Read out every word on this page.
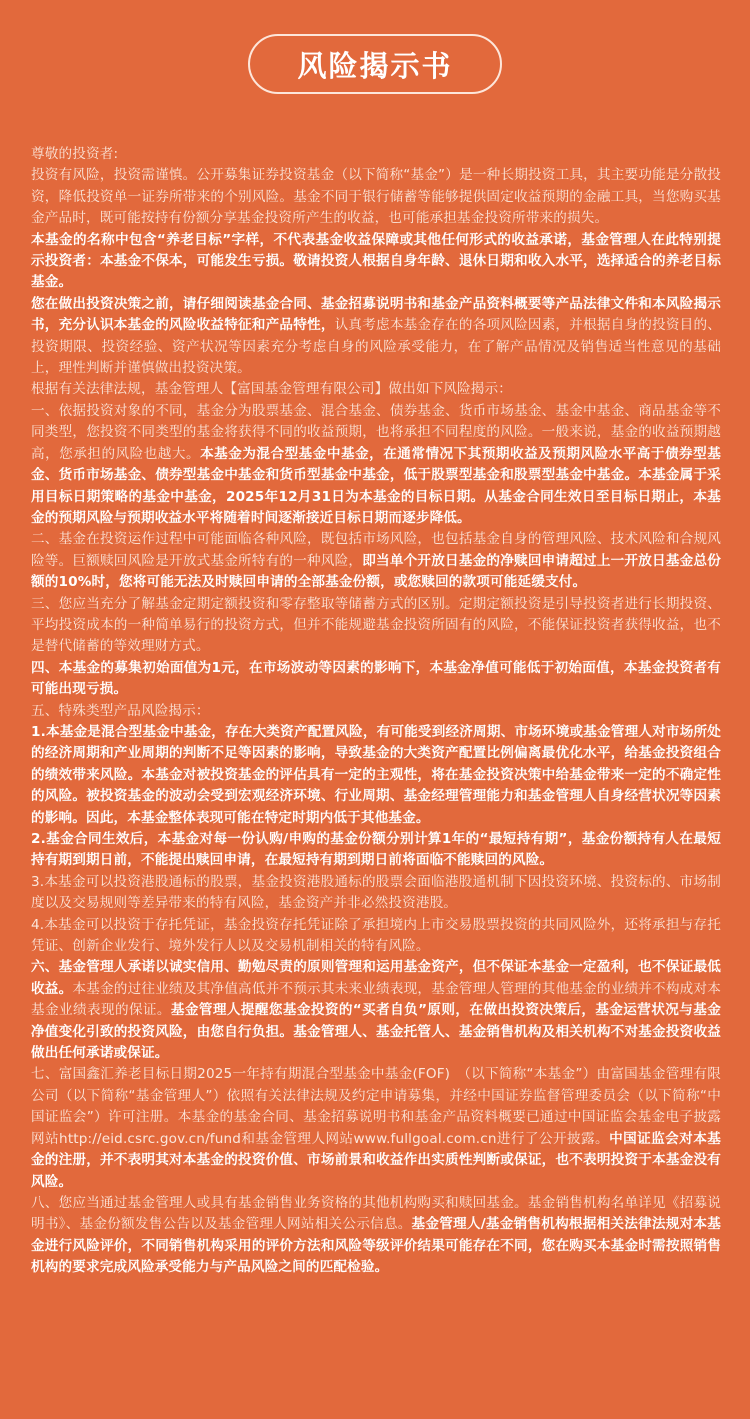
风险揭示书

尊敬的投资者:

投资有风险，投资需谨慎。公开募集证券投资基金（以下简称“基金”）是一种长期投资工具，其主要功能是分散投资，降低投资单一证券所带来的个别风险。基金不同于银行储蓄等能够提供固定收益预期的金融工具，当您购买基金产品时，既可能按持有份额分享基金投资所产生的收益，也可能承担基金投资所带来的损失。

本基金的名称中包含“养老目标”字样，不代表基金收益保障或其他任何形式的收益承诺，基金管理人在此特别提示投资者：本基金不保本，可能发生亏损。敬请投资人根据自身年龄、退休日期和收入水平，选择适合的养老目标基金。

您在做出投资决策之前，请仔细阅读基金合同、基金招募说明书和基金产品资料概要等产品法律文件和本风险揭示书，充分认识本基金的风险收益特征和产品特性，认真考虑本基金存在的各项风险因素，并根据自身的投资目的、投资期限、投资经验、资产状况等因素充分考虑自身的风险承受能力，在了解产品情况及销售适当性意见的基础上，理性判断并谨慎做出投资决策。

根据有关法律法规，基金管理人【富国基金管理有限公司】做出如下风险揭示：

一、依据投资对象的不同，基金分为股票基金、混合基金、债券基金、货币市场基金、基金中基金、商品基金等不同类型，您投资不同类型的基金将获得不同的收益预期，也将承担不同程度的风险。一般来说，基金的收益预期越高，您承担的风险也越大。本基金为混合型基金中基金，在通常情况下其预期收益及预期风险水平高于债券型基金、货币市场基金、债券型基金中基金和货币型基金中基金，低于股票型基金和股票型基金中基金。本基金属于采用目标日期策略的基金中基金，2025年12月31日为本基金的目标日期。从基金合同生效日至目标日期止，本基金的预期风险与预期收益水平将随着时间逐渐接近目标日期而逐步降低。

二、基金在投资运作过程中可能面临各种风险，既包括市场风险，也包括基金自身的管理风险、技术风险和合规风险等。巨额赎回风险是开放式基金所特有的一种风险，即当单个开放日基金的净赎回申请超过上一开放日基金总份额的10%时，您将可能无法及时赎回申请的全部基金份额，或您赎回的款项可能延缓支付。

三、您应当充分了解基金定期定额投资和零存整取等储蓄方式的区别。定期定额投资是引导投资者进行长期投资、平均投资成本的一种简单易行的投资方式，但并不能规避基金投资所固有的风险，不能保证投资者获得收益，也不是替代储蓄的等效理财方式。

四、本基金的募集初始面值为1元，在市场波动等因素的影响下，本基金净值可能低于初始面值，本基金投资者有可能出现亏损。

五、特殊类型产品风险揭示：

1.本基金是混合型基金中基金，存在大类资产配置风险，有可能受到经济周期、市场环境或基金管理人对市场所处的经济周期和产业周期的判断不足等因素的影响，导致基金的大类资产配置比例偏离最优化水平，给基金投资组合的绩效带来风险。本基金对被投资基金的评估具有一定的主观性，将在基金投资决策中给基金带来一定的不确定性的风险。被投资基金的波动会受到宏观经济环境、行业周期、基金经理管理能力和基金管理人自身经营状况等因素的影响。因此，本基金整体表现可能在特定时期内低于其他基金。

2.基金合同生效后，本基金对每一份认购/申购的基金份额分别计算1年的“最短持有期”，基金份额持有人在最短持有期到期日前，不能提出赎回申请，在最短持有期到期日前将面临不能赎回的风险。

3.本基金可以投资港股通标的股票，基金投资港股通标的股票会面临港股通机制下因投资环境、投资标的、市场制度以及交易规则等差异带来的特有风险，基金资产并非必然投资港股。

4.本基金可以投资于存托凭证，基金投资存托凭证除了承担境内上市交易股票投资的共同风险外，还将承担与存托凭证、创新企业发行、境外发行人以及交易机制相关的特有风险。

六、基金管理人承诺以诚实信用、勤勉尽责的原则管理和运用基金资产，但不保证本基金一定盈利，也不保证最低收益。本基金的过往业绩及其净值高低并不预示其未来业绩表现，基金管理人管理的其他基金的业绩并不构成对本基金业绩表现的保证。基金管理人提醒您基金投资的“买者自负”原则，在做出投资决策后，基金运营状况与基金净值变化引致的投资风险，由您自行负担。基金管理人、基金托管人、基金销售机构及相关机构不对基金投资收益做出任何承诺或保证。

七、富国鑫汇养老目标日期2025一年持有期混合型基金中基金(FOF)　（以下简称“本基金”）由富国基金管理有限公司（以下简称“基金管理人”）依照有关法律法规及约定申请募集，并经中国证券监督管理委员会（以下简称“中国证监会”）许可注册。本基金的基金合同、基金招募说明书和基金产品资料概要已通过中国证监会基金电子披露网站http://eid.csrc.gov.cn/fund和基金管理人网站www.fullgoal.com.cn进行了公开披露。中国证监会对本基金的注册，并不表明其对本基金的投资价值、市场前景和收益作出实质性判断或保证，也不表明投资于本基金没有风险。

八、您应当通过基金管理人或具有基金销售业务资格的其他机构购买和赎回基金。基金销售机构名单详见《招募说明书》、基金份额发售公告以及基金管理人网站相关公示信息。基金管理人/基金销售机构根据相关法律法规对本基金进行风险评价，不同销售机构采用的评价方法和风险等级评价结果可能存在不同，您在购买本基金时需按照销售机构的要求完成风险承受能力与产品风险之间的匹配检验。
